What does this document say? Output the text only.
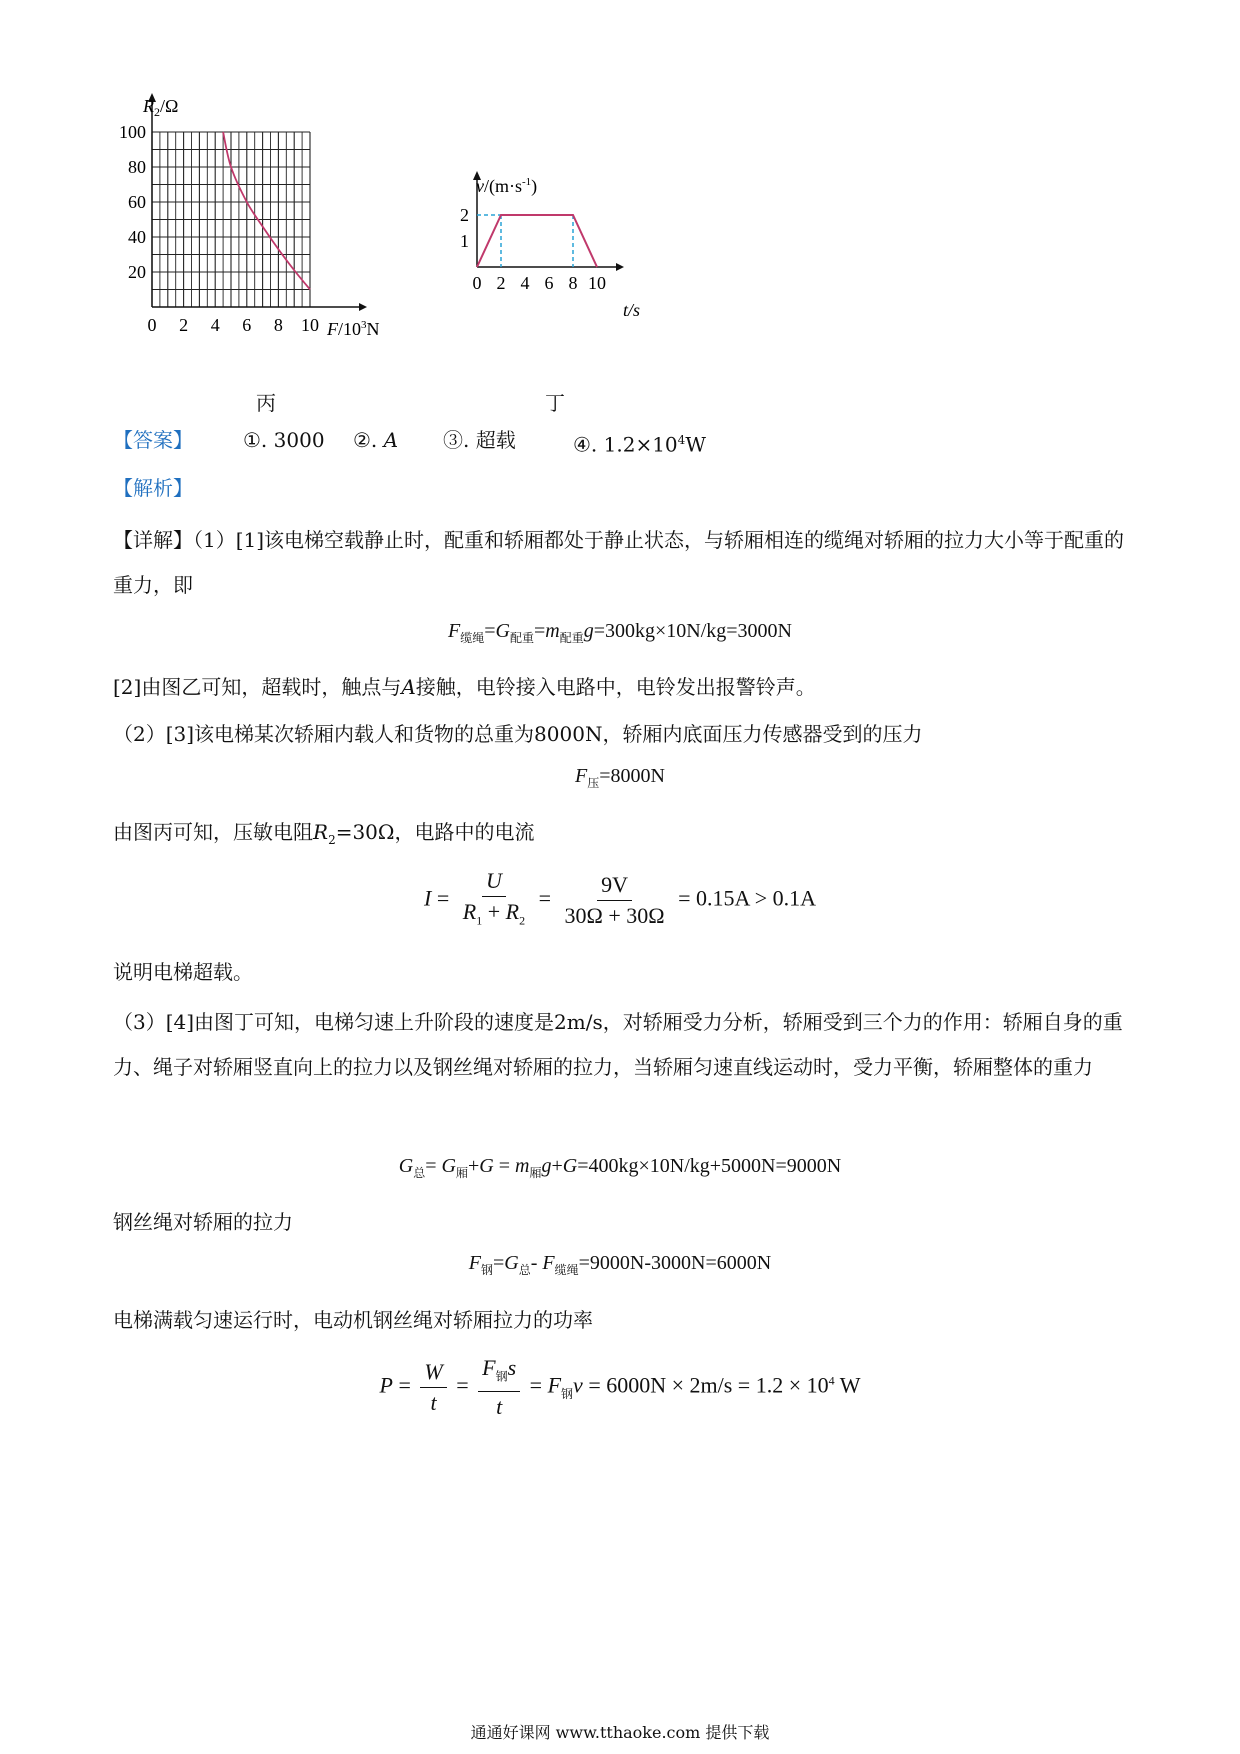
0 2 4 6 8 10
20
40
60
80
100
$R_2/\Omega$
$F/10^3N$
丙
0 2 4 6 8 10
1
2
$v/(m\cdot s^{-1})$
t/s
丁
【答案】	①. 3000 ②. A ③. 超载	④. $1.2\times 10^4W$
【解析】
【详解】（1）[1]该电梯空载静止时，配重和轿厢都处于静止状态，与轿厢相连的缆绳对轿厢的拉力大小等于配重的重力，即
$F_{缆绳}=G_{配重}=m_{配重}g=300kg\times 10N/kg=3000N$
[2]由图乙可知，超载时，触点与A接触，电铃接入电路中，电铃发出报警铃声。
（2）[3]该电梯某次轿厢内载人和货物的总重为8000N，轿厢内底面压力传感器受到的压力
$F_压=8000N$
由图丙可知，压敏电阻$R_2=30\Omega$，电路中的电流
$I = \frac{U}{R_1 + R_2} = \frac{9V}{30\Omega + 30\Omega} = 0.15A > 0.1A$
说明电梯超载。
（3）[4]由图丁可知，电梯匀速上升阶段的速度是2m/s，对轿厢受力分析，轿厢受到三个力的作用：轿厢自身的重力、绳子对轿厢竖直向上的拉力以及钢丝绳对轿厢的拉力，当轿厢匀速直线运动时，受力平衡，轿厢整体的重力
$G_总= G_厢+G = m_厢g+G=400kg\times 10N/kg+5000N=9000N$
钢丝绳对轿厢的拉力
$F_钢=G_总-$ $F_{缆绳}=9000N-3000N=6000N$
电梯满载匀速运行时，电动机钢丝绳对轿厢拉力的功率
$P = \frac{W}{t} = \frac{F_钢s}{t} = F_钢v = 6000N \times 2m/s = 1.2 \times 10^4$ W
通通好课网 www.tthaoke.com 提供下载
